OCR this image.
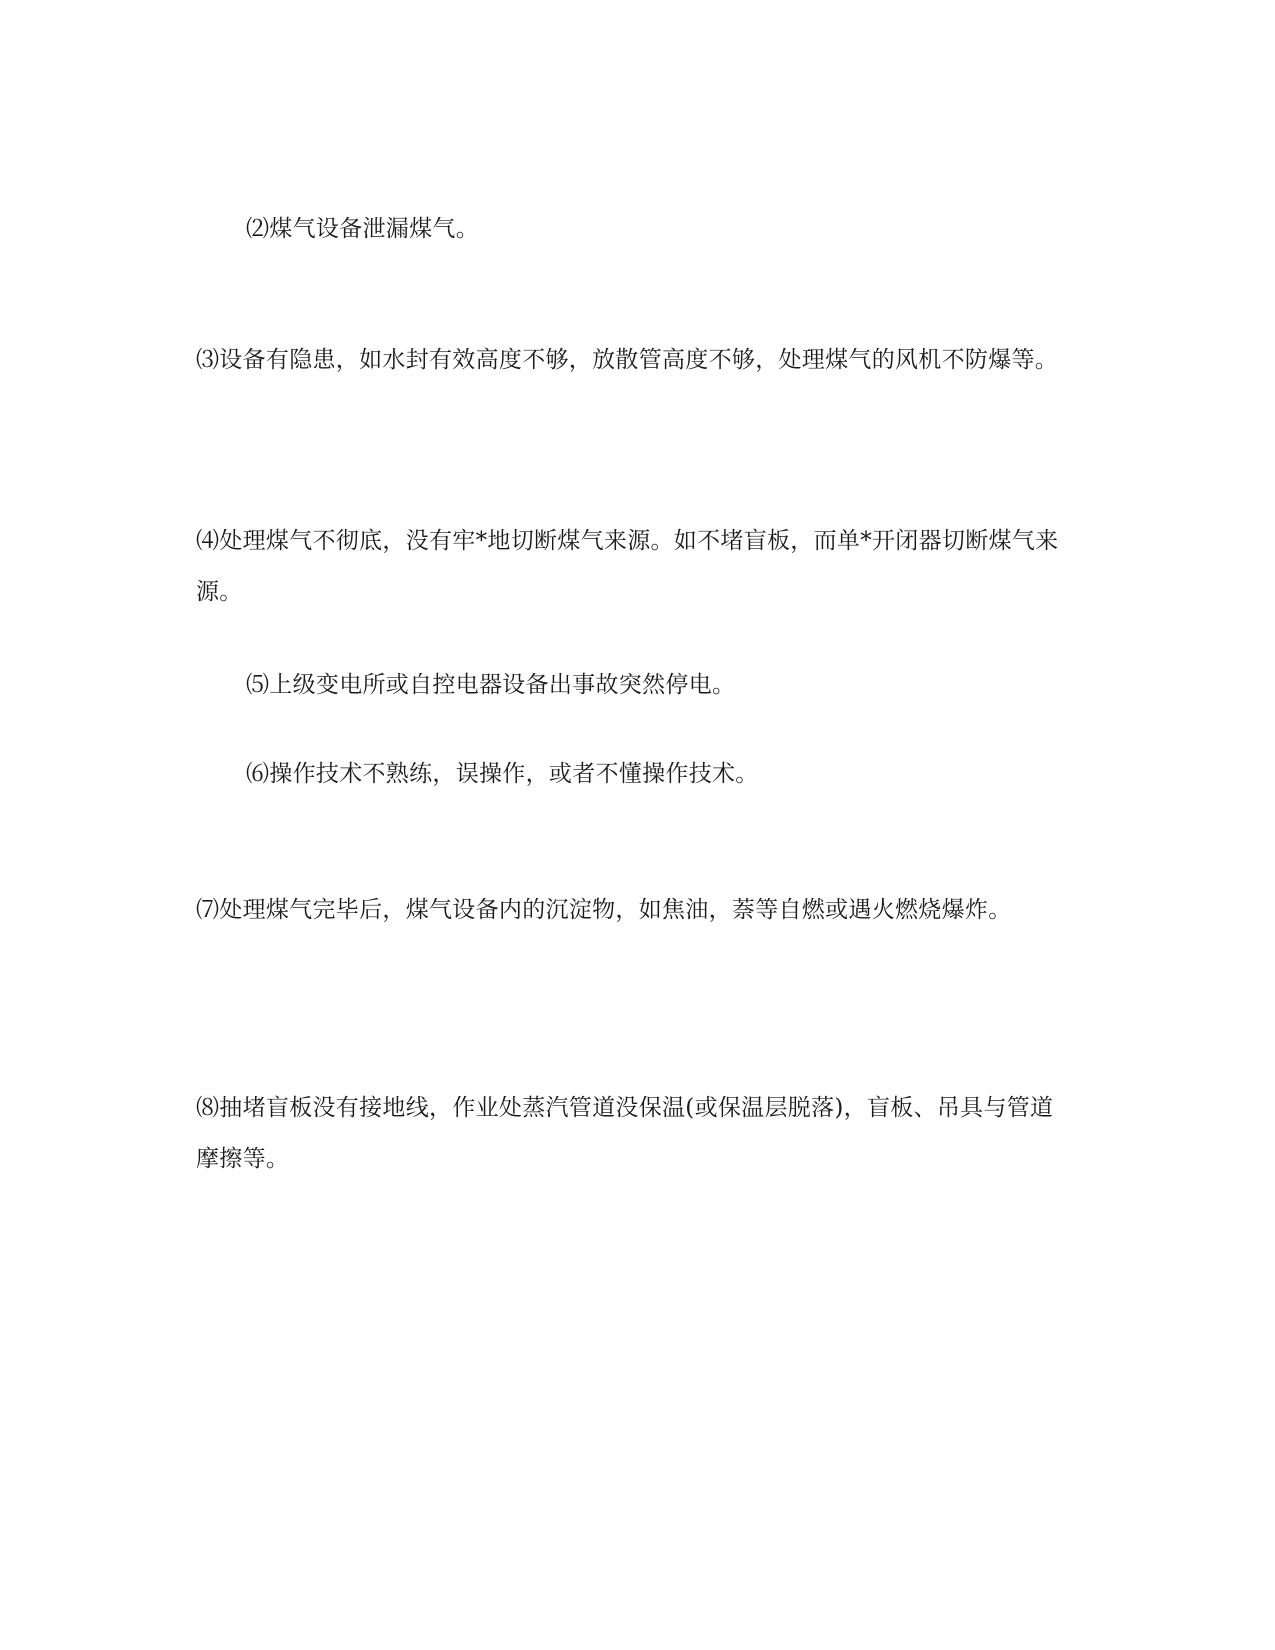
⑵煤气设备泄漏煤气。

⑶设备有隐患，如水封有效高度不够，放散管高度不够，处理煤气的风机不防爆等。

⑷处理煤气不彻底，没有牢*地切断煤气来源。如不堵盲板，而单*开闭器切断煤气来源。

⑸上级变电所或自控电器设备出事故突然停电。

⑹操作技术不熟练，误操作，或者不懂操作技术。

⑺处理煤气完毕后，煤气设备内的沉淀物，如焦油，萘等自燃或遇火燃烧爆炸。

⑻抽堵盲板没有接地线，作业处蒸汽管道没保温(或保温层脱落)，盲板、吊具与管道摩擦等。
